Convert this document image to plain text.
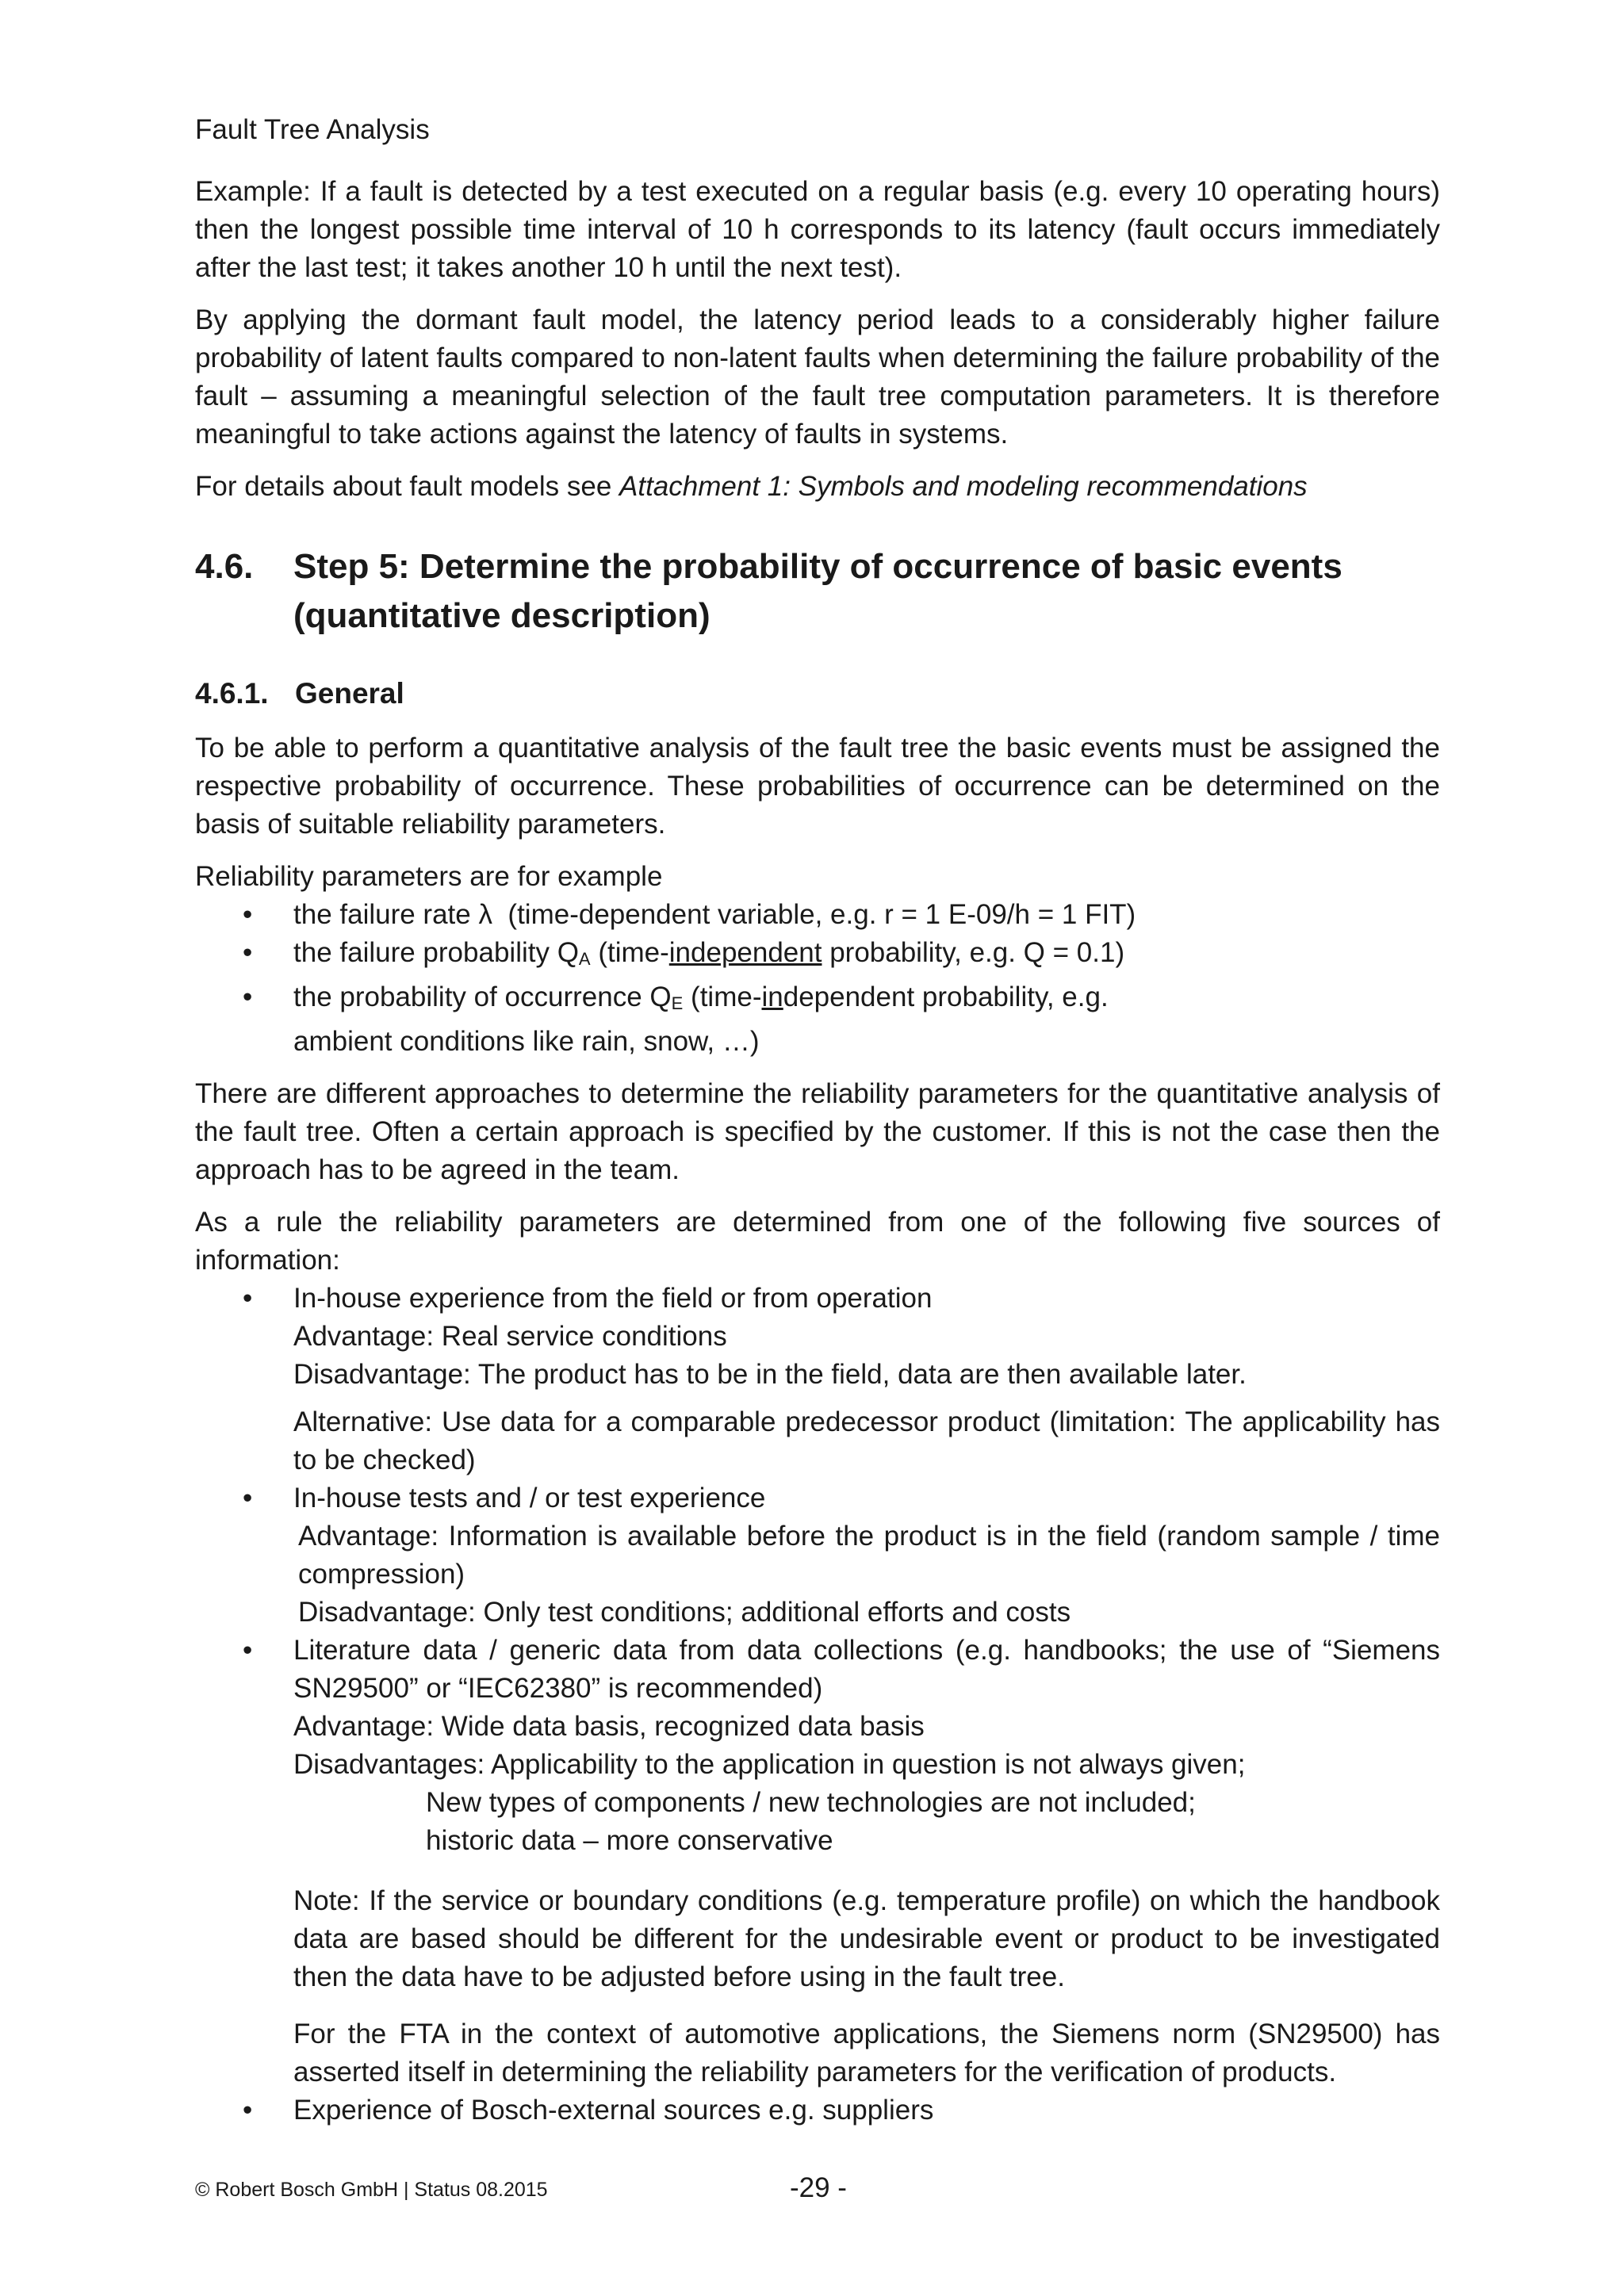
Fault Tree Analysis

Example: If a fault is detected by a test executed on a regular basis (e.g. every 10 operating hours) then the longest possible time interval of 10 h corresponds to its latency (fault occurs immediately after the last test; it takes another 10 h until the next test).

By applying the dormant fault model, the latency period leads to a considerably higher failure probability of latent faults compared to non-latent faults when determining the failure probability of the fault – assuming a meaningful selection of the fault tree computation parameters. It is therefore meaningful to take actions against the latency of faults in systems.

For details about fault models see Attachment 1: Symbols and modeling recommendations

4.6. Step 5: Determine the probability of occurrence of basic events (quantitative description)
4.6.1. General

To be able to perform a quantitative analysis of the fault tree the basic events must be assigned the respective probability of occurrence. These probabilities of occurrence can be determined on the basis of suitable reliability parameters.

Reliability parameters are for example

• the failure rate λ  (time-dependent variable, e.g. r = 1 E-09/h = 1 FIT)
• the failure probability QA (time-independent probability, e.g. Q = 0.1)
• the probability of occurrence QE (time-independent probability, e.g.
ambient conditions like rain, snow, …)

There are different approaches to determine the reliability parameters for the quantitative analysis of the fault tree. Often a certain approach is specified by the customer. If this is not the case then the approach has to be agreed in the team.

As a rule the reliability parameters are determined from one of the following five sources of information:

• In-house experience from the field or from operation
Advantage: Real service conditions
Disadvantage: The product has to be in the field, data are then available later.
Alternative: Use data for a comparable predecessor product (limitation: The applicability has to be checked)
• In-house tests and / or test experience
Advantage: Information is available before the product is in the field (random sample / time compression)
Disadvantage: Only test conditions; additional efforts and costs
• Literature data / generic data from data collections (e.g. handbooks; the use of “Siemens SN29500” or “IEC62380” is recommended)
Advantage: Wide data basis, recognized data basis
Disadvantages: Applicability to the application in question is not always given;
New types of components / new technologies are not included;
historic data – more conservative
Note: If the service or boundary conditions (e.g. temperature profile) on which the handbook data are based should be different for the undesirable event or product to be investigated then the data have to be adjusted before using in the fault tree.
For the FTA in the context of automotive applications, the Siemens norm (SN29500) has asserted itself in determining the reliability parameters for the verification of products.
• Experience of Bosch-external sources e.g. suppliers
© Robert Bosch GmbH | Status 08.2015	-29 -
